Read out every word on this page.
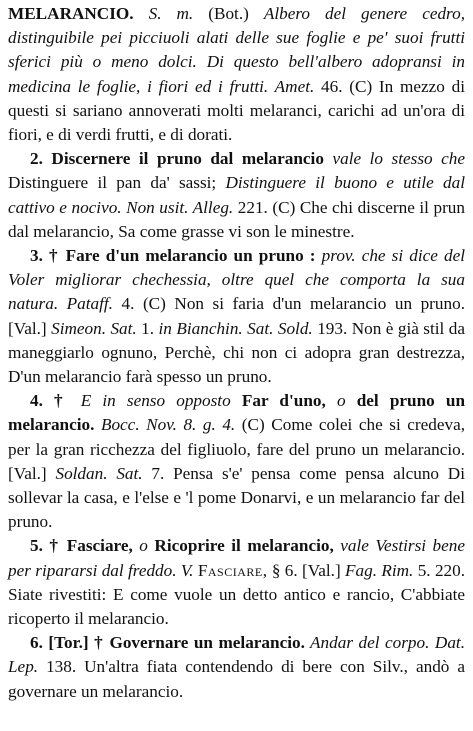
MELARANCIO. S. m. (Bot.) Albero del genere cedro, distinguibile pei picciuoli alati delle sue foglie e pe' suoi frutti sferici più o meno dolci. Di questo bell'albero adopransi in medicina le foglie, i fiori ed i frutti. Amet. 46. (C) In mezzo di questi si sariano annoverati molti melaranci, carichi ad un'ora di fiori, e di verdi frutti, e di dorati.

2. Discernere il pruno dal melarancio vale lo stesso che Distinguere il pan da' sassi; Distinguere il buono e utile dal cattivo e nocivo. Non usit. Alleg. 221. (C) Che chi discerne il prun dal melarancio, Sa come grasse vi son le minestre.

3. † Fare d'un melarancio un pruno : prov. che si dice del Voler migliorar chechessia, oltre quel che comporta la sua natura. Pataff. 4. (C) Non si faria d'un melarancio un pruno. [Val.] Simeon. Sat. 1. in Bianchin. Sat. Sold. 193. Non è già stil da maneggiarlo ognuno, Perchè, chi non ci adopra gran destrezza, D'un melarancio farà spesso un pruno.

4. † E in senso opposto Far d'uno, o del pruno un melarancio. Bocc. Nov. 8. g. 4. (C) Come colei che si credeva, per la gran ricchezza del figliuolo, fare del pruno un melarancio. [Val.] Soldan. Sat. 7. Pensa s'e' pensa come pensa alcuno Di sollevar la casa, e l'else e 'l pome Donarvi, e un melarancio far del pruno.

5. † Fasciare, o Ricoprire il melarancio, vale Vestirsi bene per ripararsi dal freddo. V. Fasciare, § 6. [Val.] Fag. Rim. 5. 220. Siate rivestiti: E come vuole un detto antico e rancio, C'abbiate ricoperto il melarancio.

6. [Tor.] † Governare un melarancio. Andar del corpo. Dat. Lep. 138. Un'altra fiata contendendo di bere con Silv., andò a governare un melarancio.
